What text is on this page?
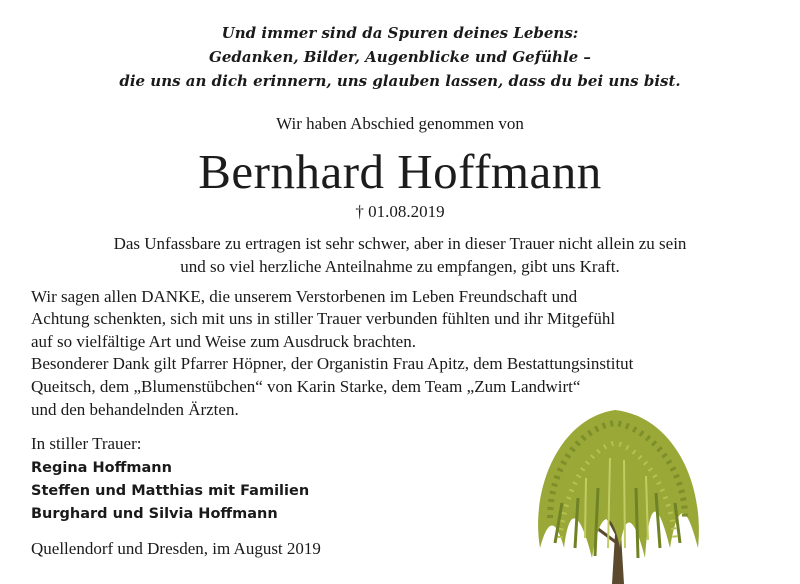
Und immer sind da Spuren deines Lebens:
Gedanken, Bilder, Augenblicke und Gefühle –
die uns an dich erinnern, uns glauben lassen, dass du bei uns bist.
Wir haben Abschied genommen von
Bernhard Hoffmann
† 01.08.2019
Das Unfassbare zu ertragen ist sehr schwer, aber in dieser Trauer nicht allein zu sein
und so viel herzliche Anteilnahme zu empfangen, gibt uns Kraft.
Wir sagen allen DANKE, die unserem Verstorbenen im Leben Freundschaft und
Achtung schenkten, sich mit uns in stiller Trauer verbunden fühlten und ihr Mitgefühl
auf so vielfältige Art und Weise zum Ausdruck brachten.
Besonderer Dank gilt Pfarrer Höpner, der Organistin Frau Apitz, dem Bestattungsinstitut
Queitsch, dem „Blumenstübchen“ von Karin Starke, dem Team „Zum Landwirt“
und den behandelnden Ärzten.
In stiller Trauer:
Regina Hoffmann
Steffen und Matthias mit Familien
Burghard und Silvia Hoffmann
Quellendorf und Dresden, im August 2019
